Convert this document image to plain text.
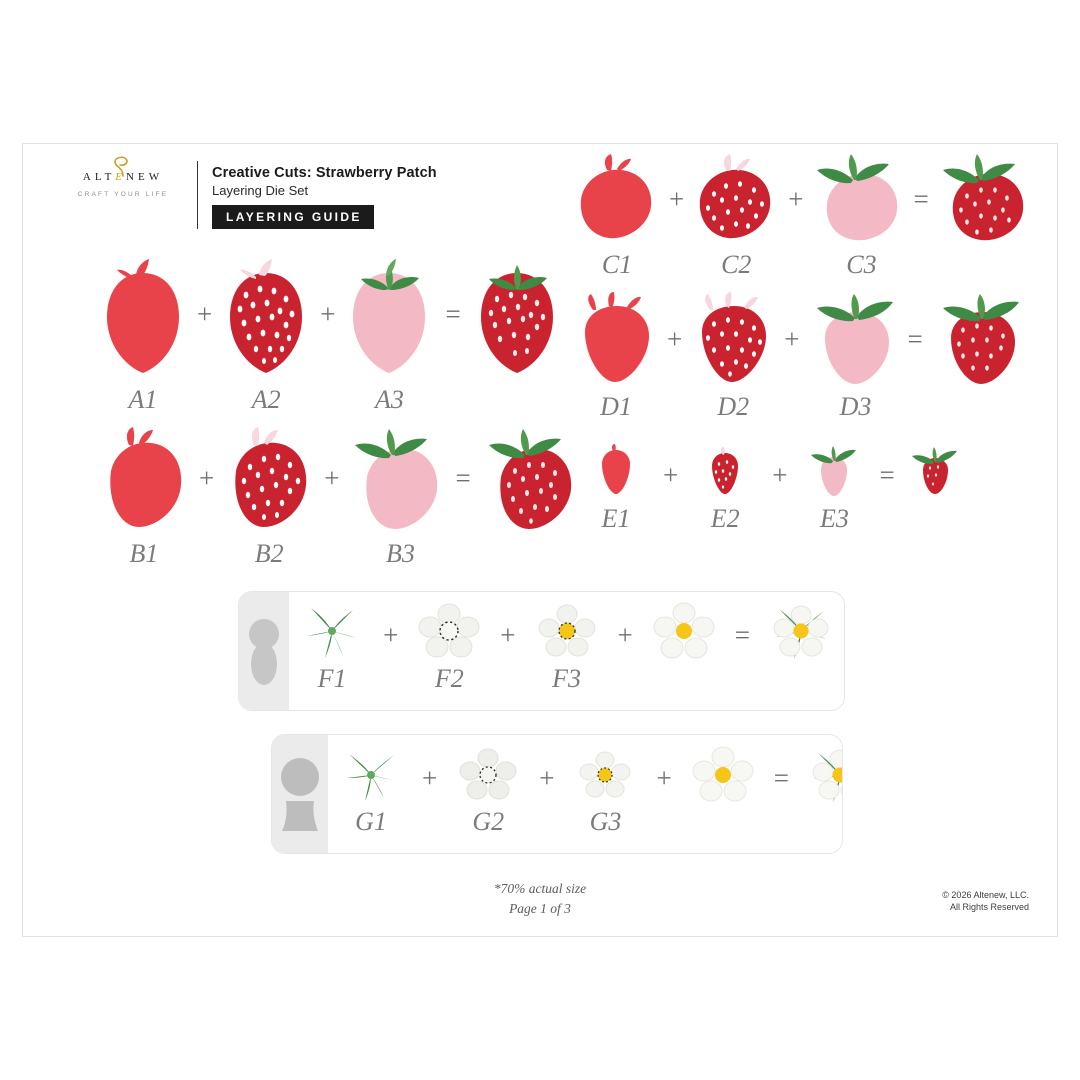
ALTENEW
CRAFT YOUR LIFE
Creative Cuts: Strawberry Patch
Layering Die Set
LAYERING GUIDE
A1
+
A2
+
A3
=
B1
+
B2
+
B3
=
C1
+
C2
+
C3
=
D1
+
D2
+
D3
=
E1
+
E2
+
E3
=
F1
+
F2
+
F3
+	=
G1
+
G2
+
G3
+	=
*70% actual size
Page 1 of 3
© 2026 Altenew, LLC.
All Rights Reserved
